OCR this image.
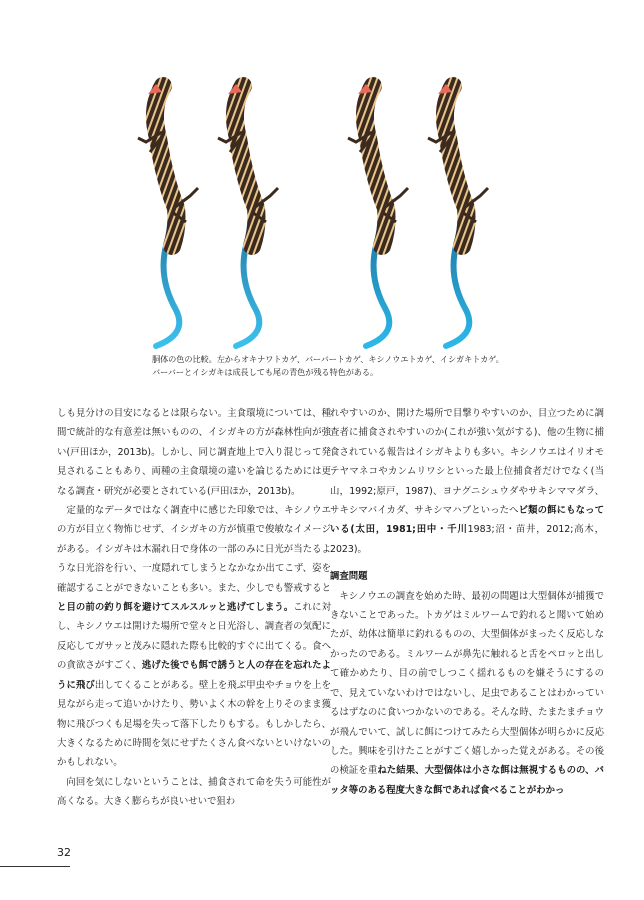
胴体の色の比較。左からオキナワトカゲ、バーバートカゲ、キシノウエトカゲ、イシガキトカゲ。

バーバーとイシガキは成長しても尾の青色が残る特色がある。

しも見分けの目安になるとは限らない。主食環境については、種間で統計的な有意差は無いものの、イシガキの方が森林性向が強い(戸田ほか，2013b)。しかし、同じ調査地上で入り混じって発見されることもあり、両種の主食環境の違いを論じるためには更なる調査・研究が必要とされている(戸田ほか，2013b)。

定量的なデータではなく調査中に感じた印象では、キシノウエの方が目立く物怖じせず、イシガキの方が慎重で俊敏なイメージがある。イシガキは木漏れ日で身体の一部のみに日光が当たるような日光浴を行い、一度隠れてしまうとなかなか出てこず、姿を確認することができないことも多い。また、少しでも警戒するとと目の前の釣り餌を避けてスルスルッと逃げてしまう。これに対し、キシノウエは開けた場所で堂々と日光浴し、調査者の気配に反応してガサッと茂みに隠れた際も比較的すぐに出てくる。食への貪欲さがすごく、逃げた後でも餌で誘うと人の存在を忘れたように飛び出してくることがある。壁上を飛ぶ甲虫やチョウを上を見ながら走って追いかけたり、勢いよく木の幹を上りそのまま獲物に飛びつくも足場を失って落下したりもする。もしかしたら、大きくなるために時間を気にせずたくさん食べないといけないのかもしれない。

向回を気にしないということは、捕食されて命を失う可能性が高くなる。大きく膨らちが良いせいで狙わ

れやすいのか、開けた場所で目撃りやすいのか、目立つために調査者に捕食されやすいのか(これが強い気がする)、他の生物に捕食されている報告はイシガキよりも多い。キシノウエはイリオモテヤマネコやカンムリワシといった最上位捕食者だけでなく(当山，1992;原戸，1987)、ヨナグニシュウダやサキシママダラ、サキシマバイカダ、サキシマハブといったへビ類の餌にもなっている(太田，1981;田中・千川1983;沼・苗井，2012;高木，2023)。

調査問題

キシノウエの調査を始めた時、最初の問題は大型個体が捕獲できないことであった。トカゲはミルワームで釣れると聞いて始めたが、幼体は簡単に釣れるものの、大型個体がまったく反応しなかったのである。ミルワームが鼻先に触れると舌をペロッと出して確かめたり、目の前でしつこく揺れるものを嫌そうにするので、見えていないわけではないし、足虫であることはわかっているはずなのに食いつかないのである。そんな時、たまたまチョウが飛んでいて、試しに餌につけてみたら大型個体が明らかに反応した。興味を引けたことがすごく嬉しかった覚えがある。その後の検証を重ねた結果、大型個体は小さな餌は無視するものの、バッタ等のある程度大きな餌であれば食べることがわかっ

32
